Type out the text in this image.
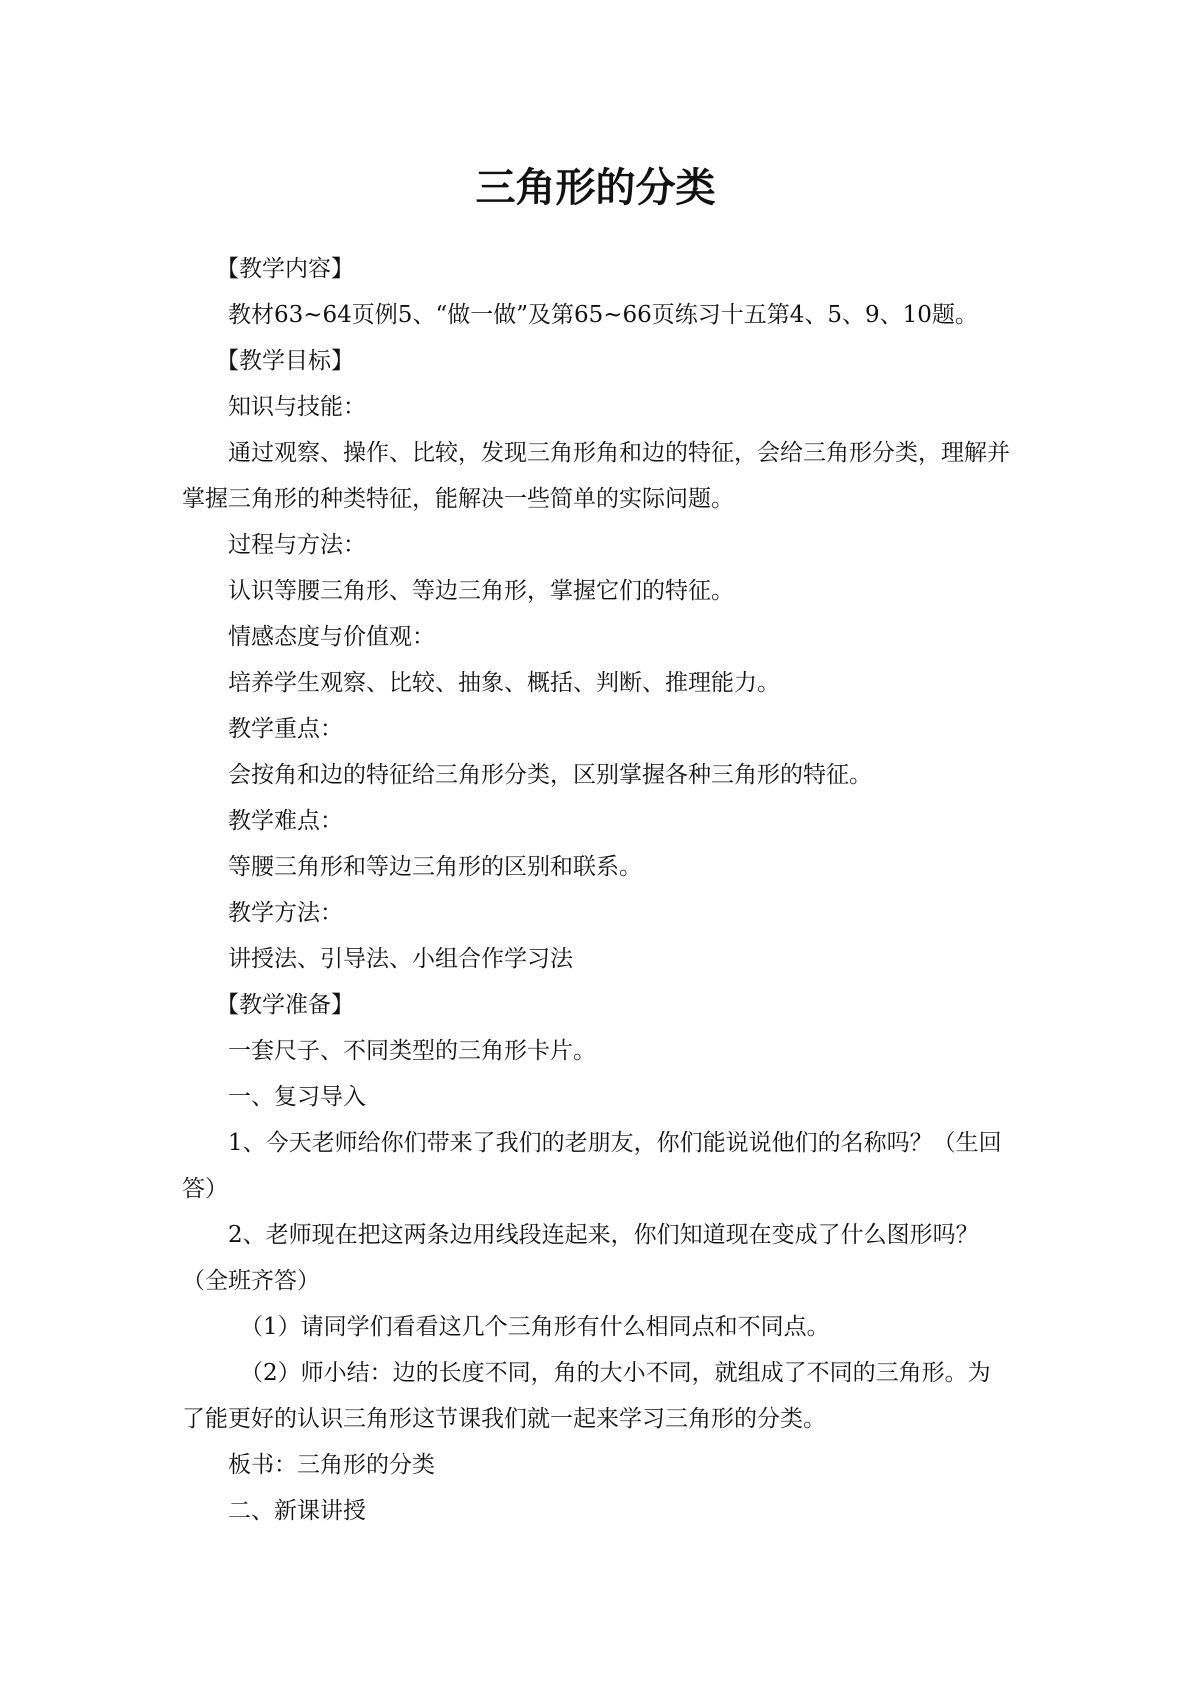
三角形的分类

【教学内容】

教材63~64页例5、“做一做”及第65~66页练习十五第4、5、9、10题。

【教学目标】

知识与技能：

通过观察、操作、比较，发现三角形角和边的特征，会给三角形分类，理解并掌握三角形的种类特征，能解决一些简单的实际问题。

过程与方法：

认识等腰三角形、等边三角形，掌握它们的特征。

情感态度与价值观：

培养学生观察、比较、抽象、概括、判断、推理能力。

教学重点：

会按角和边的特征给三角形分类，区别掌握各种三角形的特征。

教学难点：

等腰三角形和等边三角形的区别和联系。

教学方法：

讲授法、引导法、小组合作学习法

【教学准备】

一套尺子、不同类型的三角形卡片。

一、复习导入

1、今天老师给你们带来了我们的老朋友，你们能说说他们的名称吗？（生回答）

2、老师现在把这两条边用线段连起来，你们知道现在变成了什么图形吗？（全班齐答）

（1）请同学们看看这几个三角形有什么相同点和不同点。

（2）师小结：边的长度不同，角的大小不同，就组成了不同的三角形。为了能更好的认识三角形这节课我们就一起来学习三角形的分类。

板书：三角形的分类

二、新课讲授
